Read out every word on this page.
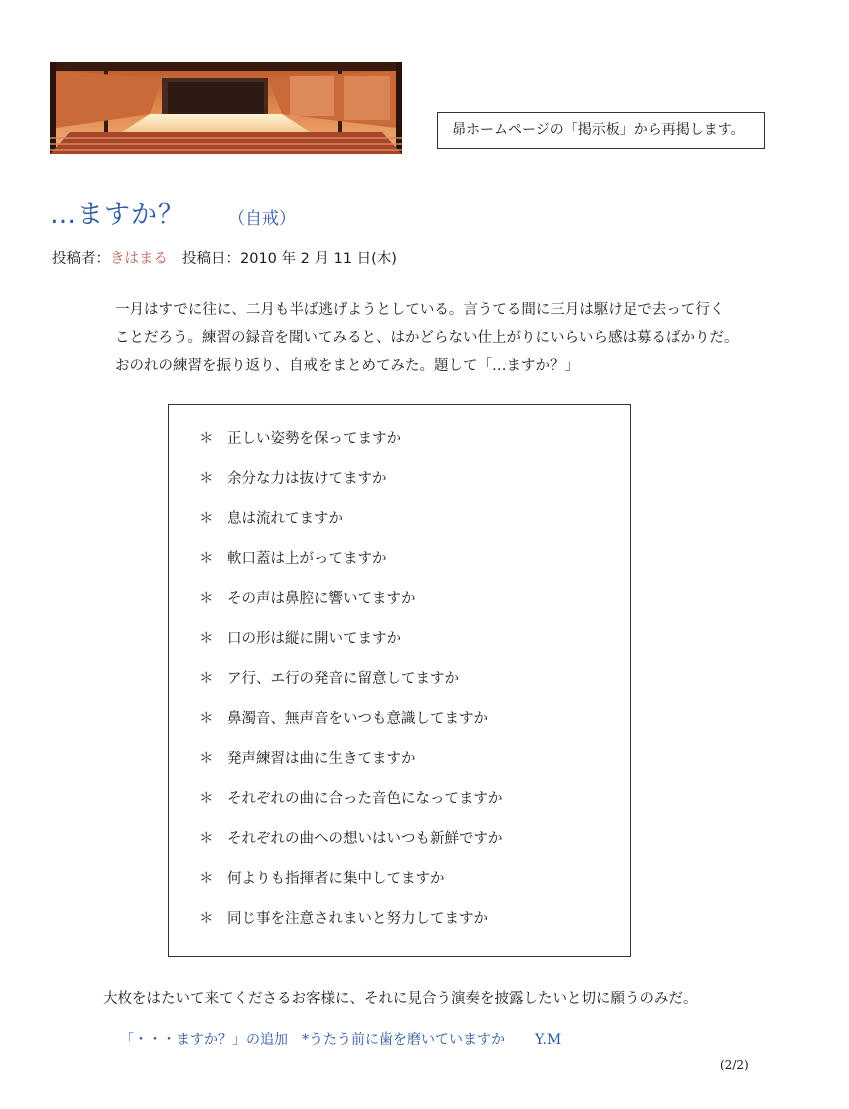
昴ホームページの「掲示板」から再掲します。
…ますか？	（自戒）
投稿者：きはまる 投稿日：2010 年 2 月 11 日(木)

一月はすでに往に、二月も半ば逃げようとしている。言うてる間に三月は駆け足で去って行く

ことだろう。練習の録音を聞いてみると、はかどらない仕上がりにいらいら感は募るばかりだ。

おのれの練習を振り返り、自戒をまとめてみた。題して「…ますか？」

＊ 正しい姿勢を保ってますか
＊ 余分な力は抜けてますか
＊ 息は流れてますか
＊ 軟口蓋は上がってますか
＊ その声は鼻腔に響いてますか
＊ 口の形は縦に開いてますか
＊ ア行、エ行の発音に留意してますか
＊ 鼻濁音、無声音をいつも意識してますか
＊ 発声練習は曲に生きてますか
＊ それぞれの曲に合った音色になってますか
＊ それぞれの曲への想いはいつも新鮮ですか
＊ 何よりも指揮者に集中してますか
＊ 同じ事を注意されまいと努力してますか
大枚をはたいて来てくださるお客様に、それに見合う演奏を披露したいと切に願うのみだ。
「・・・ますか？」の追加 *うたう前に歯を磨いていますか Y.M
(2/2)
